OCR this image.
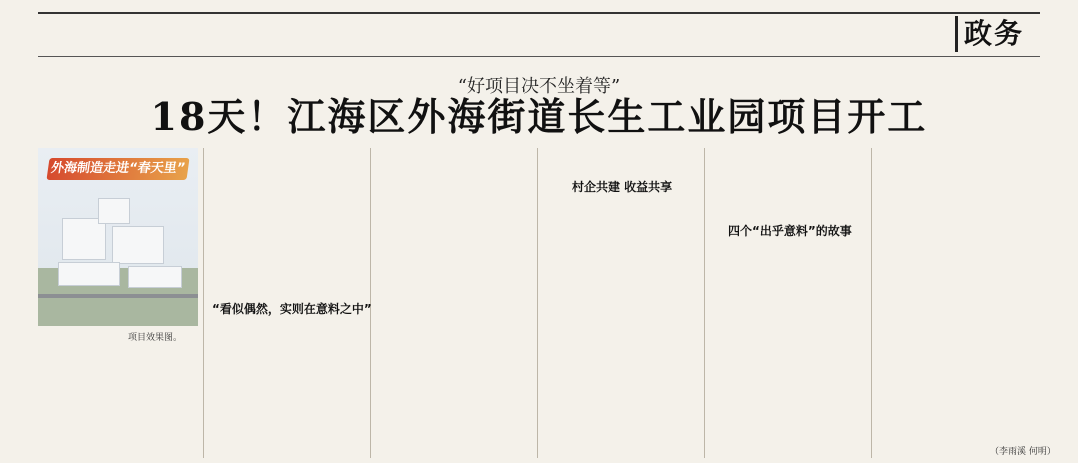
政务
“好项目决不坐着等”
18天！江海区外海街道长生工业园项目开工
外海制造走进“春天里”
项目效果图。
“看似偶然，实则在意料之中”
村企共建 收益共享
四个“出乎意料”的故事
（李雨溪 何明）
